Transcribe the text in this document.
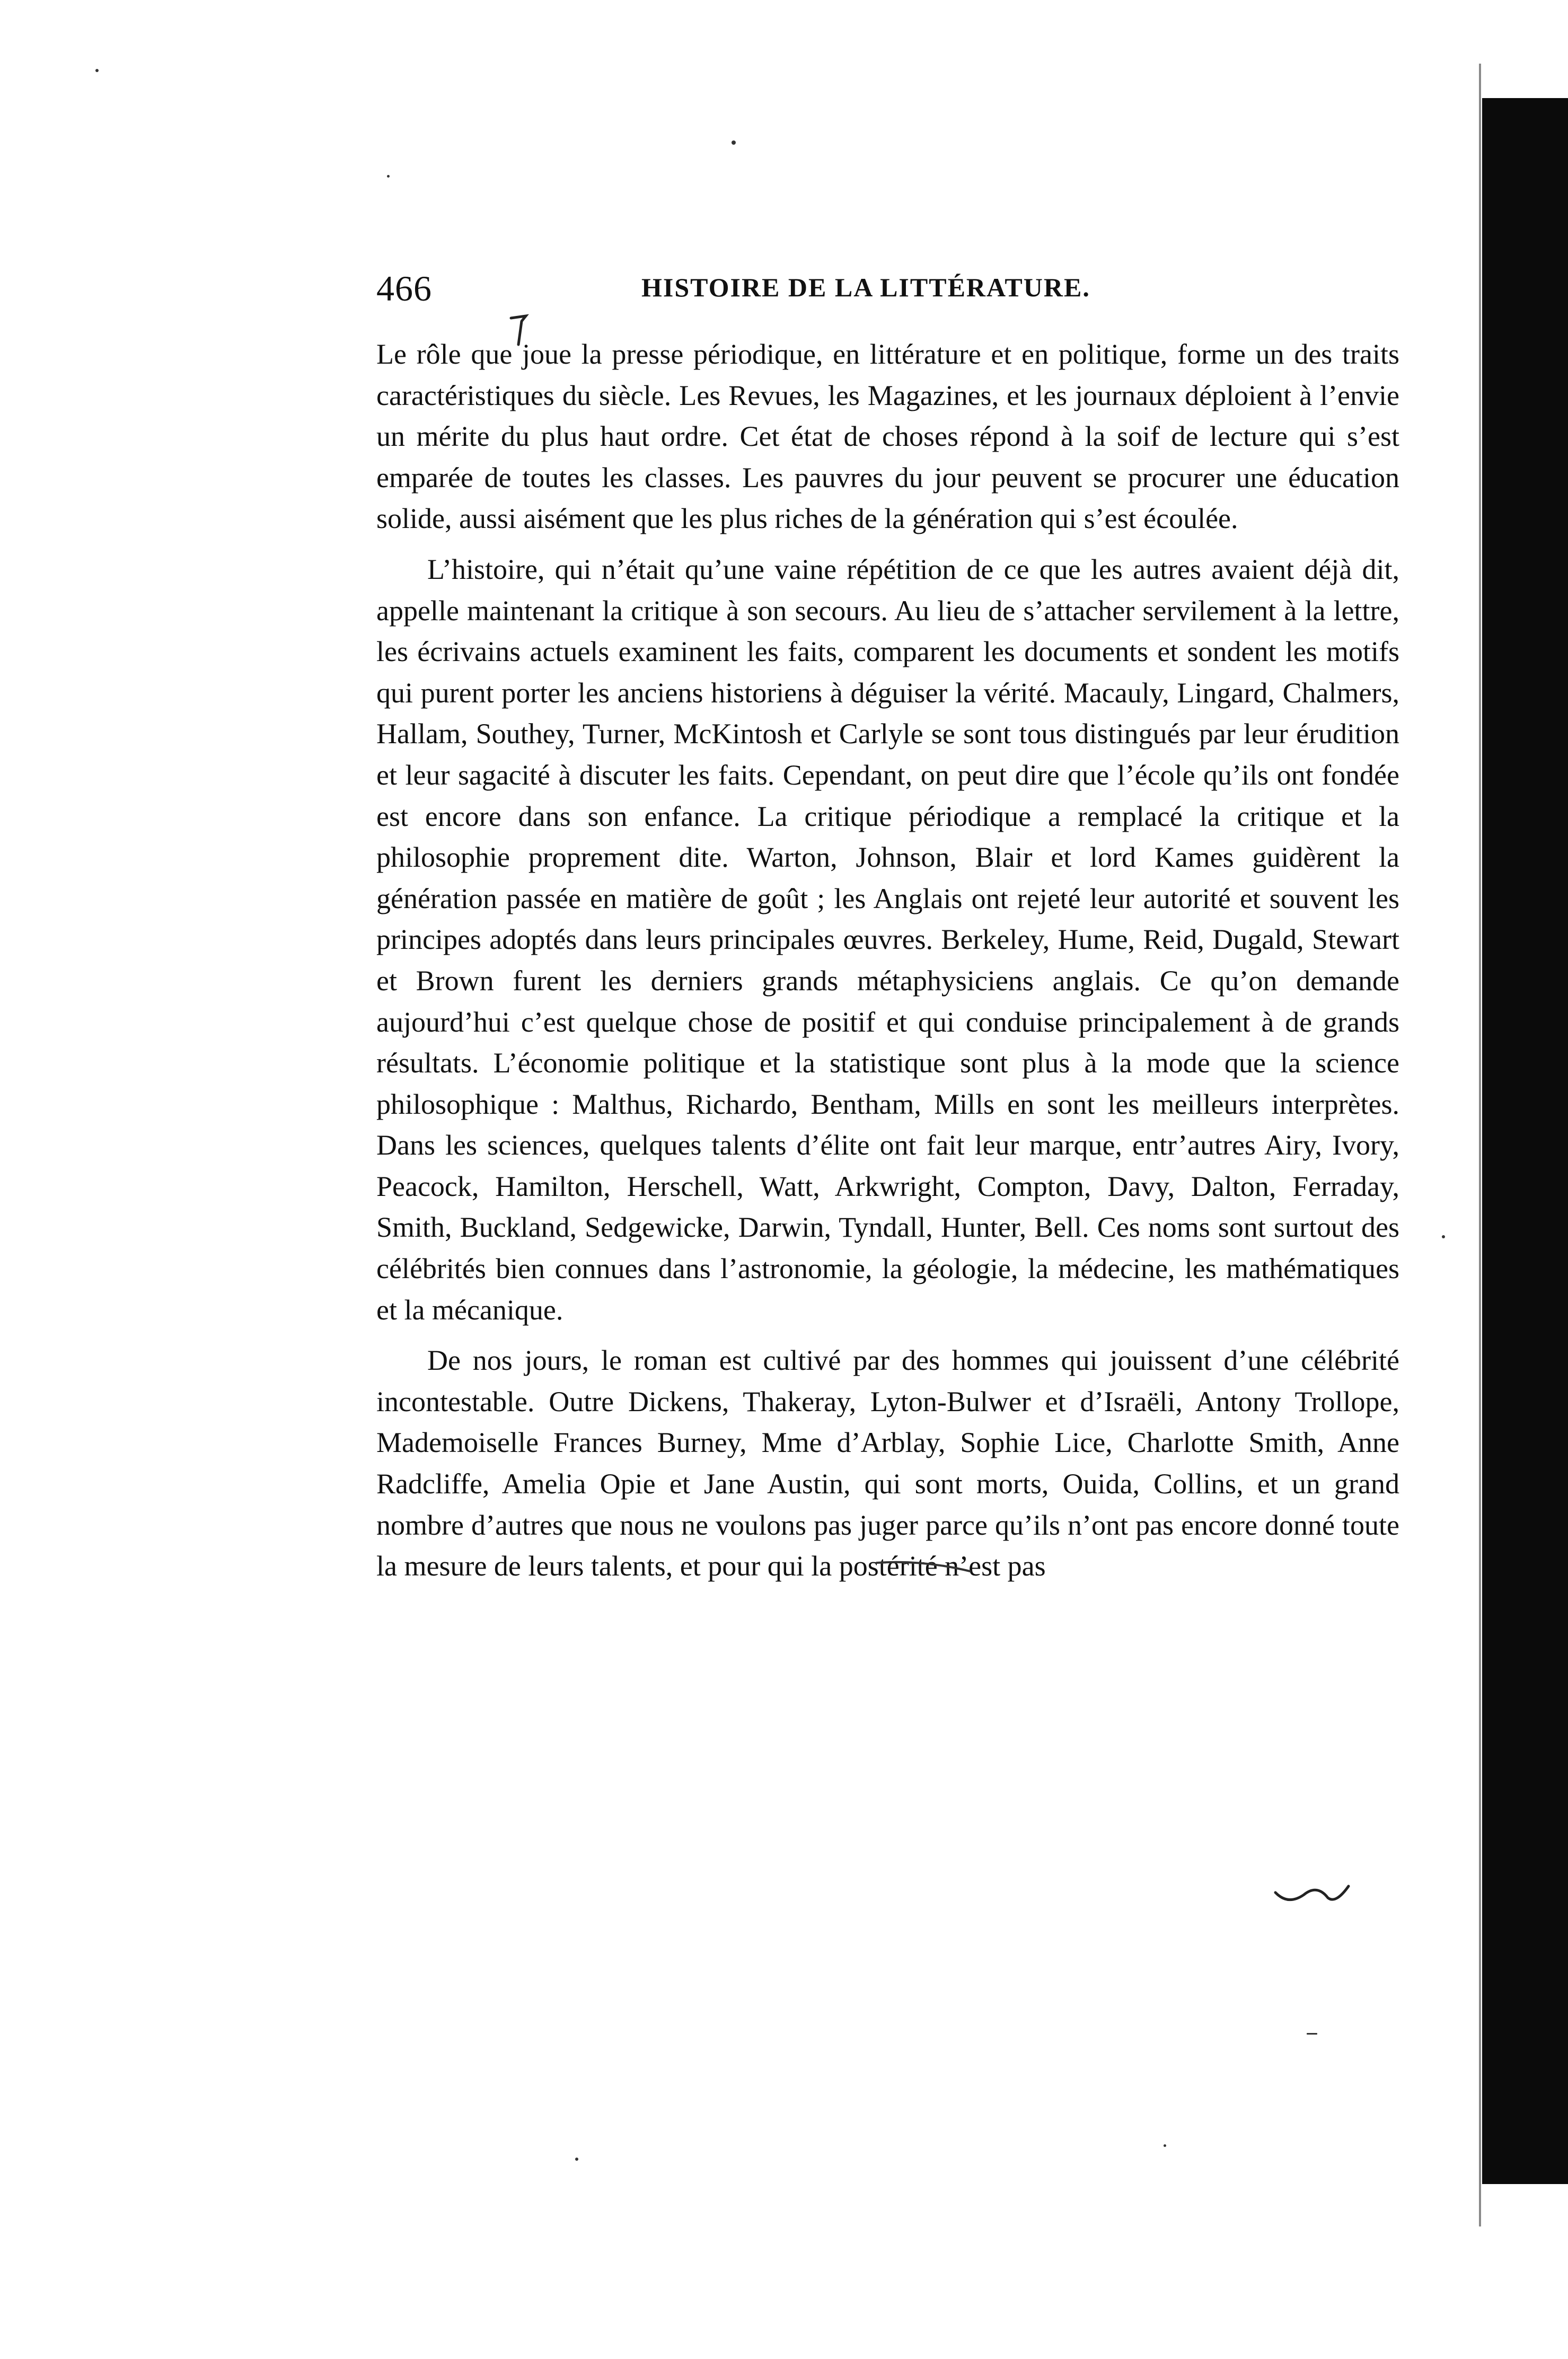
466	HISTOIRE DE LA LITTÉRATURE.

Le rôle que joue la presse périodique, en littérature et en politique, forme un des traits caractéristiques du siècle. Les Revues, les Magazines, et les journaux déploient à l’envie un mérite du plus haut ordre. Cet état de choses répond à la soif de lecture qui s’est emparée de toutes les classes. Les pauvres du jour peuvent se procurer une éducation solide, aussi aisément que les plus riches de la génération qui s’est écoulée.

L’histoire, qui n’était qu’une vaine répétition de ce que les autres avaient déjà dit, appelle maintenant la critique à son secours. Au lieu de s’attacher servilement à la lettre, les écrivains actuels examinent les faits, comparent les documents et sondent les motifs qui purent porter les anciens historiens à déguiser la vérité. Macauly, Lingard, Chalmers, Hallam, Southey, Turner, McKintosh et Carlyle se sont tous distingués par leur érudition et leur sagacité à discuter les faits. Cependant, on peut dire que l’école qu’ils ont fondée est encore dans son enfance. La critique périodique a remplacé la critique et la philosophie proprement dite. Warton, Johnson, Blair et lord Kames guidèrent la génération passée en matière de goût ; les Anglais ont rejeté leur autorité et souvent les principes adoptés dans leurs principales œuvres. Berkeley, Hume, Reid, Dugald, Stewart et Brown furent les derniers grands métaphysiciens anglais. Ce qu’on demande aujourd’hui c’est quelque chose de positif et qui conduise principalement à de grands résultats. L’économie politique et la statistique sont plus à la mode que la science philosophique : Malthus, Richardo, Bentham, Mills en sont les meilleurs interprètes. Dans les sciences, quelques talents d’élite ont fait leur marque, entr’autres Airy, Ivory, Peacock, Hamilton, Herschell, Watt, Arkwright, Compton, Davy, Dalton, Ferraday, Smith, Buckland, Sedgewicke, Darwin, Tyndall, Hunter, Bell. Ces noms sont surtout des célébrités bien connues dans l’astronomie, la géologie, la médecine, les mathématiques et la mécanique.

De nos jours, le roman est cultivé par des hommes qui jouissent d’une célébrité incontestable. Outre Dickens, Thakeray, Lyton-Bulwer et d’Israëli, Antony Trollope, Mademoiselle Frances Burney, Mme d’Arblay, Sophie Lice, Charlotte Smith, Anne Radcliffe, Amelia Opie et Jane Austin, qui sont morts, Ouida, Collins, et un grand nombre d’autres que nous ne voulons pas juger parce qu’ils n’ont pas encore donné toute la mesure de leurs talents, et pour qui la postérité n’est pas
